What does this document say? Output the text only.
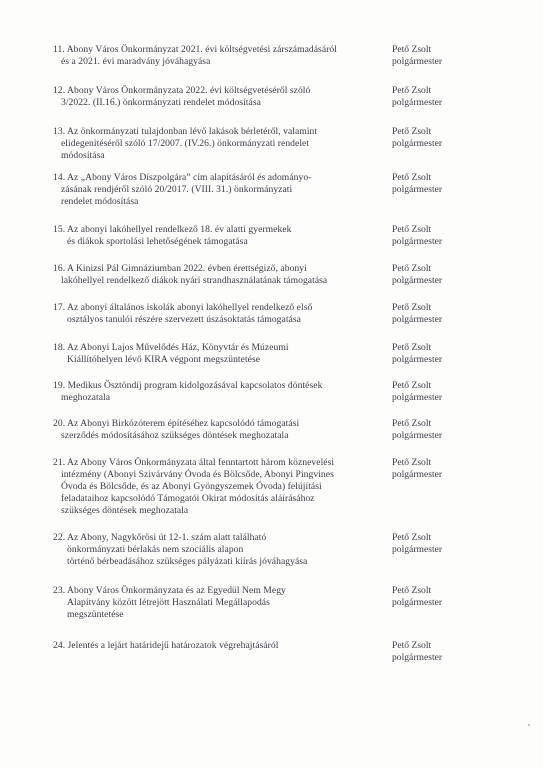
11. Abony Város Önkormányzat 2021. évi költségvetési zárszámadásáról
és a 2021. évi maradvány jóváhagyása
Pető Zsolt
polgármester
12. Abony Város Önkormányzata 2022. évi költségvetéséről szóló
3/2022. (II.16.) önkormányzati rendelet módosítása
Pető Zsolt
polgármester
13. Az önkormányzati tulajdonban lévő lakások bérletéről, valamint
elidegenítéséről szóló 17/2007. (IV.26.) önkormányzati rendelet
módosítása
Pető Zsolt
polgármester
14. Az „Abony Város Díszpolgára” cím alapításáról és adományo-
zásának rendjéről szóló 20/2017. (VIII. 31.) önkormányzati
rendelet módosítása
Pető Zsolt
polgármester
15. Az abonyi lakóhellyel rendelkező 18. év alatti gyermekek
és diákok sportolási lehetőségének támogatása
Pető Zsolt
polgármester
16. A Kinizsi Pál Gimnáziumban 2022. évben érettségiző, abonyi
lakóhellyel rendelkező diákok nyári strandhasználatának támogatása
Pető Zsolt
polgármester
17. Az abonyi általános iskolák abonyi lakóhellyel rendelkező első
osztályos tanulói részére szervezett úszásoktatás támogatása
Pető Zsolt
polgármester
18. Az Abonyi Lajos Művelődés Ház, Könyvtár és Múzeumi
Kiállítóhelyen lévő KIRA végpont megszüntetése
Pető Zsolt
polgármester
19. Medikus Ösztöndíj program kidolgozásával kapcsolatos döntések
meghozatala
Pető Zsolt
polgármester
20. Az Abonyi Birkózóterem építéséhez kapcsolódó támogatási
szerződés módosításához szükséges döntések meghozatala
Pető Zsolt
polgármester
21. Az Abony Város Önkormányzata által fenntartott három köznevelési
intézmény (Abonyi Szivárvány Óvoda és Bölcsőde, Abonyi Pingvines
Óvoda és Bölcsőde, és az Abonyi Gyöngyszemek Óvoda) felújítási
feladataihoz kapcsolódó Támogatói Okirat módosítás aláírásához
szükséges döntések meghozatala
Pető Zsolt
polgármester
22. Az Abony, Nagykőrösi út 12-1. szám alatt található
önkormányzati bérlakás nem szociális alapon
történő bérbeadásához szükséges pályázati kiírás jóváhagyása
Pető Zsolt
polgármester
23. Abony Város Önkormányzata és az Egyedül Nem Megy
Alapítvány között létrejött Használati Megállapodás
megszüntetése
Pető Zsolt
polgármester
24. Jelentés a lejárt határidejű határozatok végrehajtásáról	Pető Zsolt
polgármester
